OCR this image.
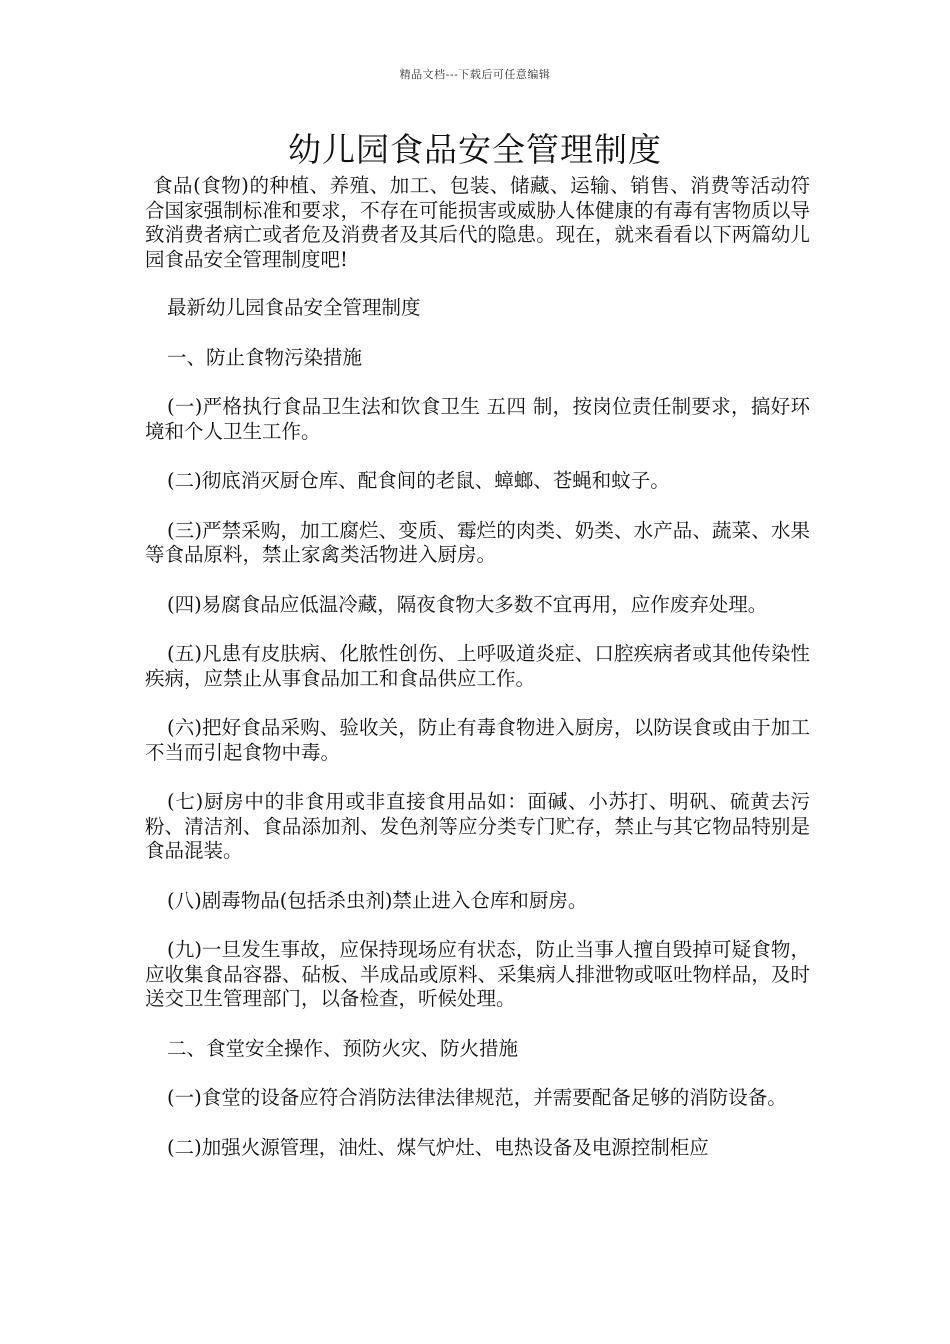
精品文档---下载后可任意编辑
幼儿园食品安全管理制度

食品(食物)的种植、养殖、加工、包装、储藏、运输、销售、消费等活动符合国家强制标准和要求，不存在可能损害或威胁人体健康的有毒有害物质以导致消费者病亡或者危及消费者及其后代的隐患。现在，就来看看以下两篇幼儿园食品安全管理制度吧!

最新幼儿园食品安全管理制度

一、防止食物污染措施

(一)严格执行食品卫生法和饮食卫生 五四 制，按岗位责任制要求，搞好环境和个人卫生工作。

(二)彻底消灭厨仓库、配食间的老鼠、蟑螂、苍蝇和蚊子。

(三)严禁采购，加工腐烂、变质、霉烂的肉类、奶类、水产品、蔬菜、水果等食品原料，禁止家禽类活物进入厨房。

(四)易腐食品应低温冷藏，隔夜食物大多数不宜再用，应作废弃处理。

(五)凡患有皮肤病、化脓性创伤、上呼吸道炎症、口腔疾病者或其他传染性疾病，应禁止从事食品加工和食品供应工作。

(六)把好食品采购、验收关，防止有毒食物进入厨房，以防误食或由于加工不当而引起食物中毒。

(七)厨房中的非食用或非直接食用品如：面碱、小苏打、明矾、硫黄去污粉、清洁剂、食品添加剂、发色剂等应分类专门贮存，禁止与其它物品特别是食品混装。

(八)剧毒物品(包括杀虫剂)禁止进入仓库和厨房。

(九)一旦发生事故，应保持现场应有状态，防止当事人擅自毁掉可疑食物，应收集食品容器、砧板、半成品或原料、采集病人排泄物或呕吐物样品，及时送交卫生管理部门，以备检查，听候处理。

二、食堂安全操作、预防火灾、防火措施

(一)食堂的设备应符合消防法律法律规范，并需要配备足够的消防设备。

(二)加强火源管理，油灶、煤气炉灶、电热设备及电源控制柜应
